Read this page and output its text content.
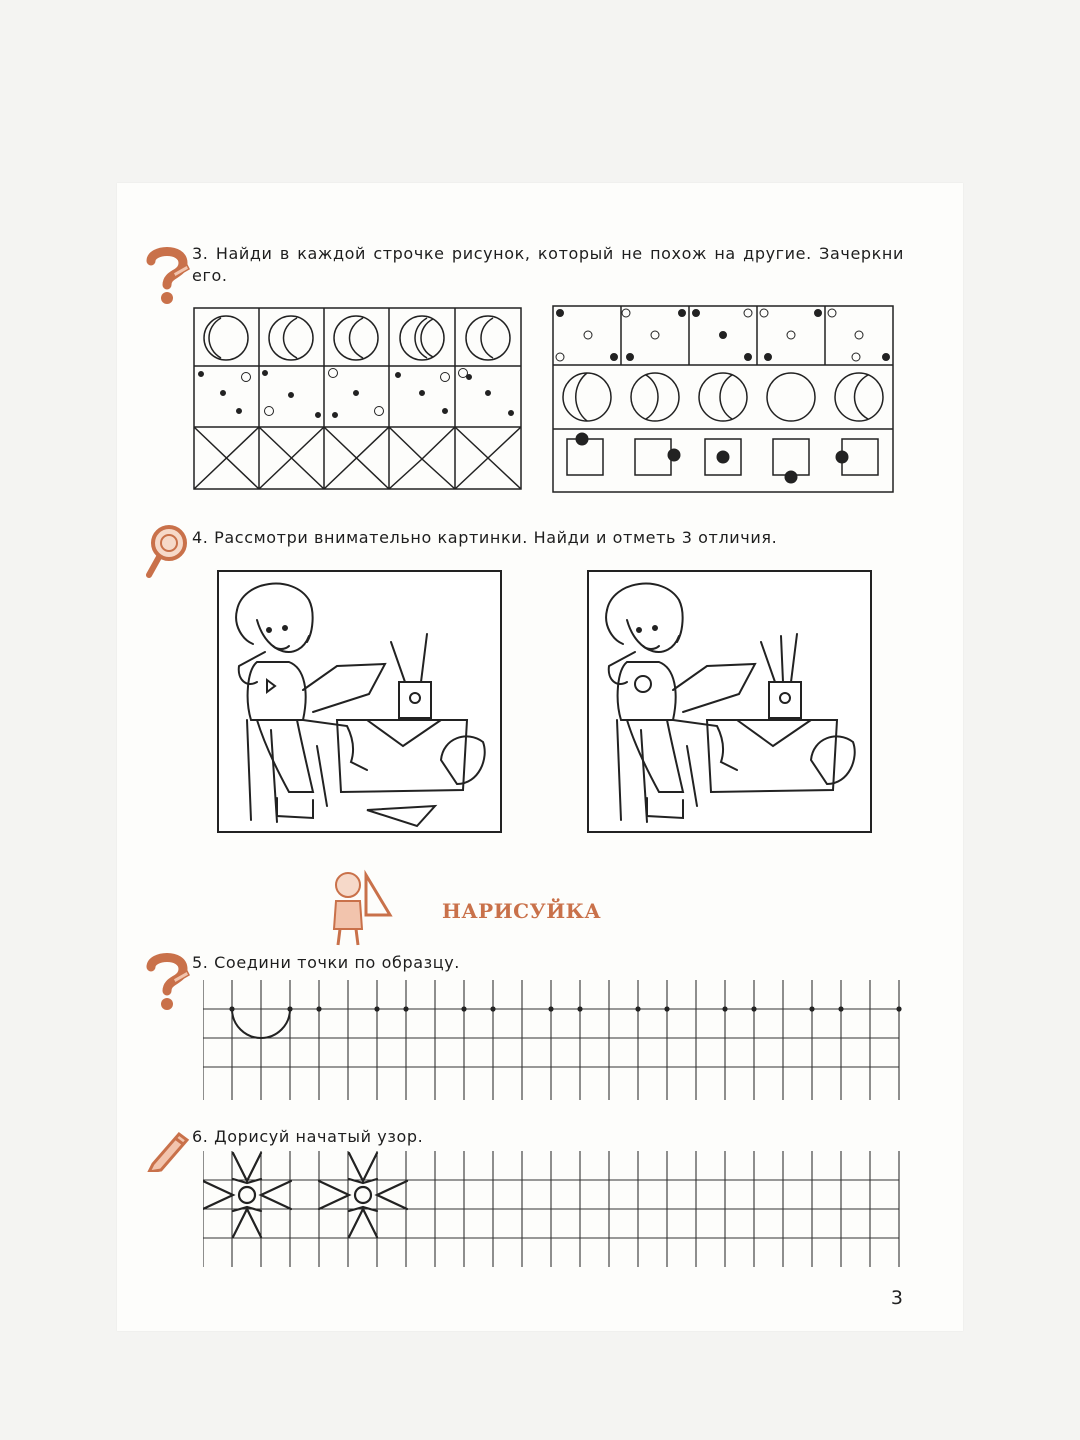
3. Найди в каждой строчке рисунок, который не похож на другие. Зачеркни его.
4. Рассмотри внимательно картинки. Найди и отметь 3 отличия.
НАРИСУЙКА
5. Соедини точки по образцу.
6. Дорисуй начатый узор.
3
